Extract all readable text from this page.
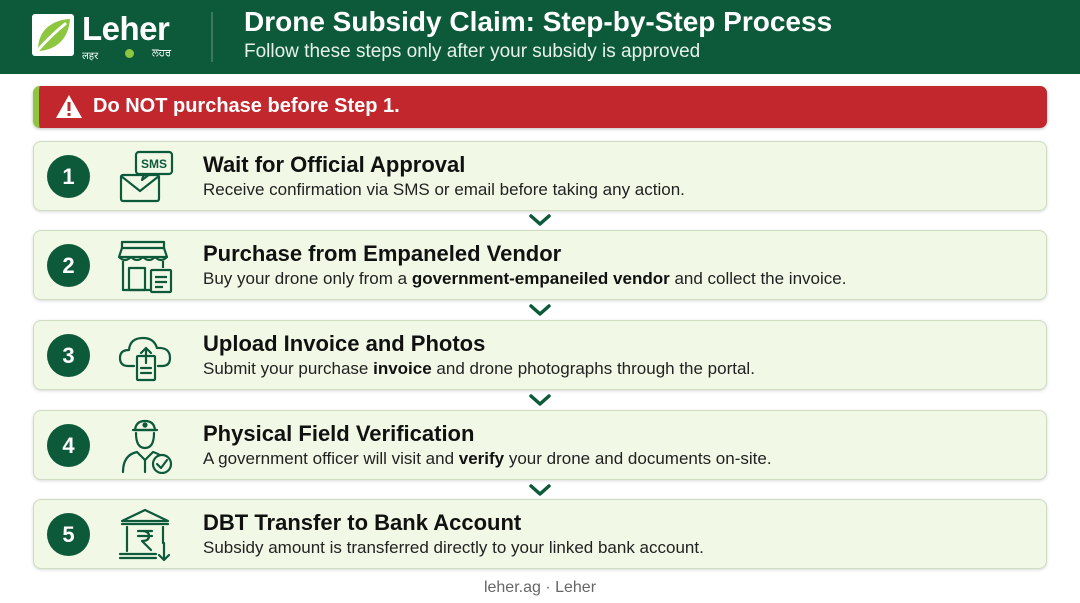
Leher
लहर	ਲਹਰ
Drone Subsidy Claim: Step-by-Step Process
Follow these steps only after your subsidy is approved
Do NOT purchase before Step 1.
1	SMS Wait for Official Approval
Receive confirmation via SMS or email before taking any action.
2	Purchase from Empaneled Vendor
Buy your drone only from a government-empaneiled vendor and collect the invoice.
3	Upload Invoice and Photos
Submit your purchase invoice and drone photographs through the portal.
4	Physical Field Verification
A government officer will visit and verify your drone and documents on-site.
5	DBT Transfer to Bank Account
Subsidy amount is transferred directly to your linked bank account.
leher.ag · Leher
